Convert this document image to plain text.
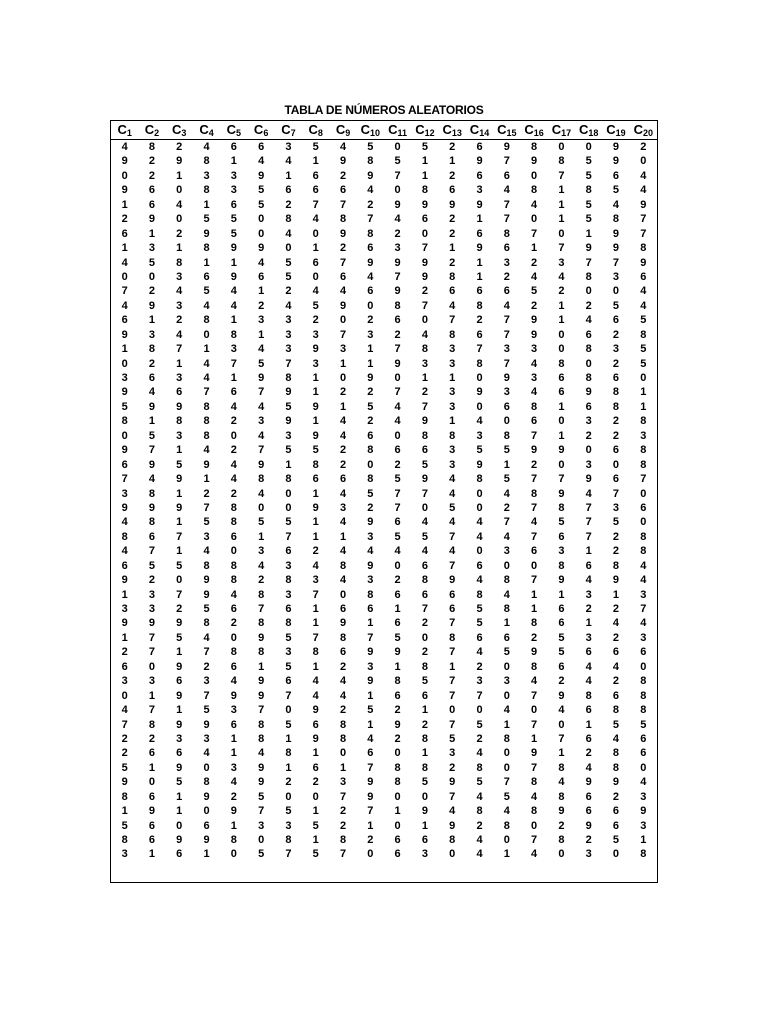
TABLA DE NÚMEROS ALEATORIOS
$C_1$ $C_2$ $C_3$ $C_4$ $C_5$ $C_6$ $C_7$ $C_8$ $C_9$ $C_{10}$ $C_{11}$ $C_{12}$ $C_{13}$ $C_{14}$ $C_{15}$ $C_{16}$ $C_{17}$ $C_{18}$ $C_{19}$ $C_{20}$
4	8	2	4	6	6	3	5	4	5	0	5	2	6	9	8	0	0	9	2
9	2	9	8	1	4	4	1	9	8	5	1	1	9	7	9	8	5	9	0
0	2	1	3	3	9	1	6	2	9	7	1	2	6	6	0	7	5	6	4
9	6	0	8	3	5	6	6	6	4	0	8	6	3	4	8	1	8	5	4
1	6	4	1	6	5	2	7	7	2	9	9	9	9	7	4	1	5	4	9
2	9	0	5	5	0	8	4	8	7	4	6	2	1	7	0	1	5	8	7
6	1	2	9	5	0	4	0	9	8	2	0	2	6	8	7	0	1	9	7
1	3	1	8	9	9	0	1	2	6	3	7	1	9	6	1	7	9	9	8
4	5	8	1	1	4	5	6	7	9	9	9	2	1	3	2	3	7	7	9
0	0	3	6	9	6	5	0	6	4	7	9	8	1	2	4	4	8	3	6
7	2	4	5	4	1	2	4	4	6	9	2	6	6	6	5	2	0	0	4
4	9	3	4	4	2	4	5	9	0	8	7	4	8	4	2	1	2	5	4
6	1	2	8	1	3	3	2	0	2	6	0	7	2	7	9	1	4	6	5
9	3	4	0	8	1	3	3	7	3	2	4	8	6	7	9	0	6	2	8
1	8	7	1	3	4	3	9	3	1	7	8	3	7	3	3	0	8	3	5
0	2	1	4	7	5	7	3	1	1	9	3	3	8	7	4	8	0	2	5
3	6	3	4	1	9	8	1	0	9	0	1	1	0	9	3	6	8	6	0
9	4	6	7	6	7	9	1	2	2	7	2	3	9	3	4	6	9	8	1
5	9	9	8	4	4	5	9	1	5	4	7	3	0	6	8	1	6	8	1
8	1	8	8	2	3	9	1	4	2	4	9	1	4	0	6	0	3	2	8
0	5	3	8	0	4	3	9	4	6	0	8	8	3	8	7	1	2	2	3
9	7	1	4	2	7	5	5	2	8	6	6	3	5	5	9	9	0	6	8
6	9	5	9	4	9	1	8	2	0	2	5	3	9	1	2	0	3	0	8
7	4	9	1	4	8	8	6	6	8	5	9	4	8	5	7	7	9	6	7
3	8	1	2	2	4	0	1	4	5	7	7	4	0	4	8	9	4	7	0
9	9	9	7	8	0	0	9	3	2	7	0	5	0	2	7	8	7	3	6
4	8	1	5	8	5	5	1	4	9	6	4	4	4	7	4	5	7	5	0
8	6	7	3	6	1	7	1	1	3	5	5	7	4	4	7	6	7	2	8
4	7	1	4	0	3	6	2	4	4	4	4	4	0	3	6	3	1	2	8
6	5	5	8	8	4	3	4	8	9	0	6	7	6	0	0	8	6	8	4
9	2	0	9	8	2	8	3	4	3	2	8	9	4	8	7	9	4	9	4
1	3	7	9	4	8	3	7	0	8	6	6	6	8	4	1	1	3	1	3
3	3	2	5	6	7	6	1	6	6	1	7	6	5	8	1	6	2	2	7
9	9	9	8	2	8	8	1	9	1	6	2	7	5	1	8	6	1	4	4
1	7	5	4	0	9	5	7	8	7	5	0	8	6	6	2	5	3	2	3
2	7	1	7	8	8	3	8	6	9	9	2	7	4	5	9	5	6	6	6
6	0	9	2	6	1	5	1	2	3	1	8	1	2	0	8	6	4	4	0
3	3	6	3	4	9	6	4	4	9	8	5	7	3	3	4	2	4	2	8
0	1	9	7	9	9	7	4	4	1	6	6	7	7	0	7	9	8	6	8
4	7	1	5	3	7	0	9	2	5	2	1	0	0	4	0	4	6	8	8
7	8	9	9	6	8	5	6	8	1	9	2	7	5	1	7	0	1	5	5
2	2	3	3	1	8	1	9	8	4	2	8	5	2	8	1	7	6	4	6
2	6	6	4	1	4	8	1	0	6	0	1	3	4	0	9	1	2	8	6
5	1	9	0	3	9	1	6	1	7	8	8	2	8	0	7	8	4	8	0
9	0	5	8	4	9	2	2	3	9	8	5	9	5	7	8	4	9	9	4
8	6	1	9	2	5	0	0	7	9	0	0	7	4	5	4	8	6	2	3
1	9	1	0	9	7	5	1	2	7	1	9	4	8	4	8	9	6	6	9
5	6	0	6	1	3	3	5	2	1	0	1	9	2	8	0	2	9	6	3
8	6	9	9	8	0	8	1	8	2	6	6	8	4	0	7	8	2	5	1
3	1	6	1	0	5	7	5	7	0	6	3	0	4	1	4	0	3	0	8
